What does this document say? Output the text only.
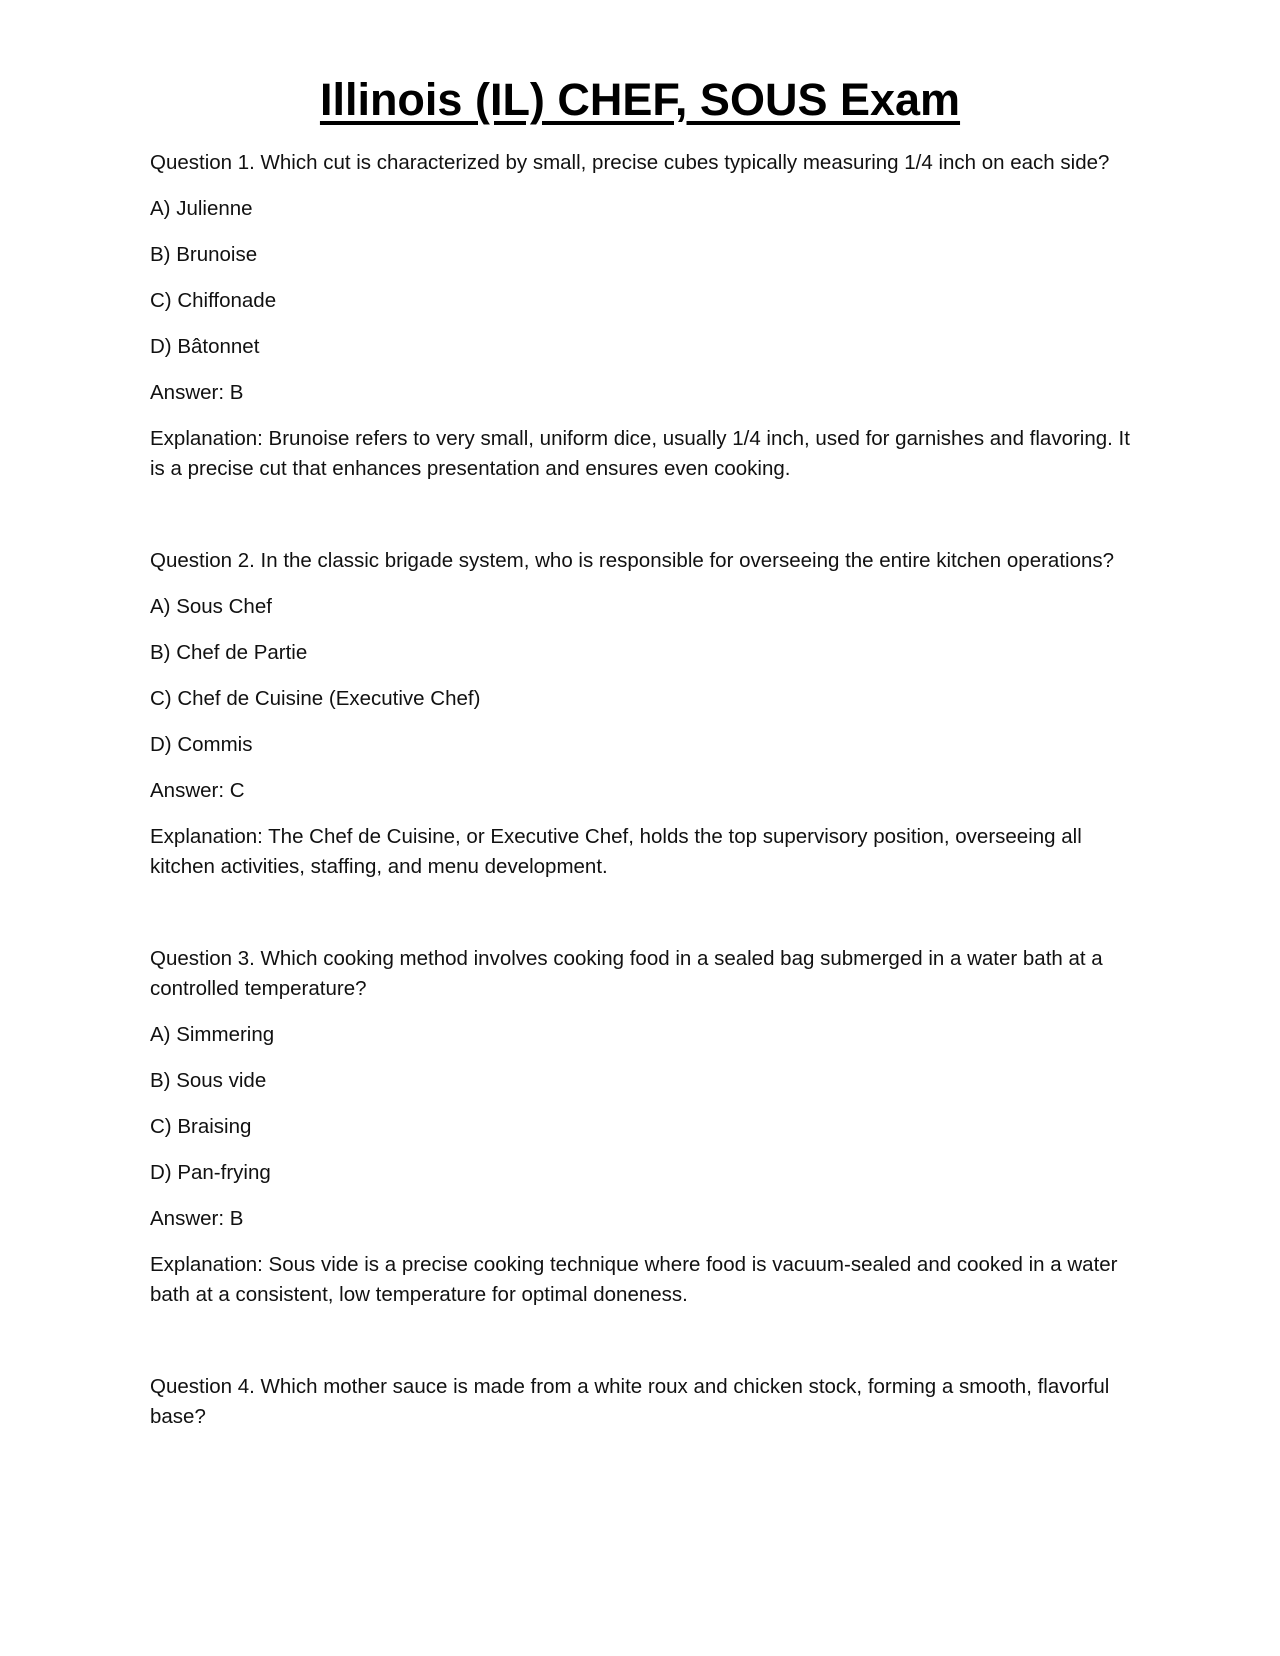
Illinois (IL) CHEF, SOUS Exam
Question 1. Which cut is characterized by small, precise cubes typically measuring 1/4 inch on each side?
A) Julienne
B) Brunoise
C) Chiffonade
D) Bâtonnet
Answer: B
Explanation: Brunoise refers to very small, uniform dice, usually 1/4 inch, used for garnishes and flavoring. It is a precise cut that enhances presentation and ensures even cooking.
Question 2. In the classic brigade system, who is responsible for overseeing the entire kitchen operations?
A) Sous Chef
B) Chef de Partie
C) Chef de Cuisine (Executive Chef)
D) Commis
Answer: C
Explanation: The Chef de Cuisine, or Executive Chef, holds the top supervisory position, overseeing all kitchen activities, staffing, and menu development.
Question 3. Which cooking method involves cooking food in a sealed bag submerged in a water bath at a controlled temperature?
A) Simmering
B) Sous vide
C) Braising
D) Pan-frying
Answer: B
Explanation: Sous vide is a precise cooking technique where food is vacuum-sealed and cooked in a water bath at a consistent, low temperature for optimal doneness.
Question 4. Which mother sauce is made from a white roux and chicken stock, forming a smooth, flavorful base?
